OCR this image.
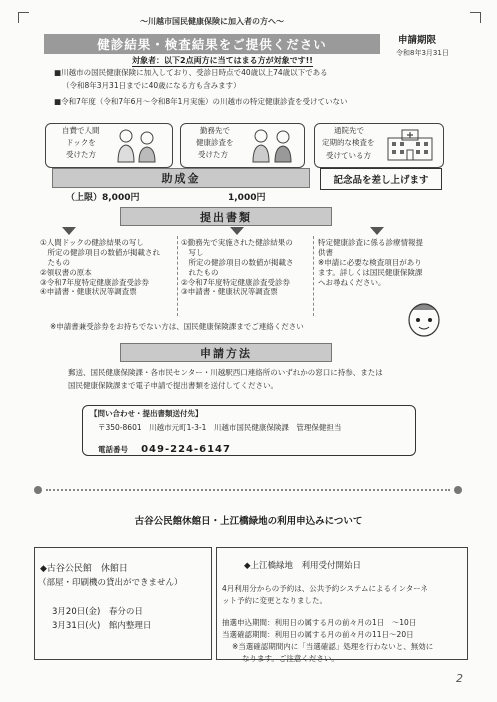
〜川越市国民健康保険に加入者の方へ〜
健診結果・検査結果をご提供ください	申請期限
令和8年3月31日
対象者：以下2点両方に当てはまる方が対象です!!
■川越市の国民健康保険に加入しており、受診日時点で40歳以上74歳以下である
（令和8年3月31日までに40歳になる方も含みます）
■令和7年度（令和7年6月〜令和8年1月実施）の川越市の特定健康診査を受けていない
自費で人間
ドックを
受けた方
勤務先で
健康診査を
受けた方
通院先で
定期的な検査を
受けている方
助成金	記念品を差し上げます
（上限）8,000円	1,000円
提出書類
①人間ドックの健診結果の写し
　所定の健診項目の数値が掲載され
　たもの
②領収書の原本
③令和7年度特定健康診査受診券
④申請書・健康状況等調査票
①勤務先で実施された健診結果の
　写し
　所定の健診項目の数値が掲載さ
　れたもの
②令和7年度特定健康診査受診券
③申請書・健康状況等調査票
特定健康診査に係る診療情報提
供書
※申請に必要な検査項目があり
ます。詳しくは国民健康保険課
へお尋ねください。
※申請書兼受診券をお持ちでない方は、国民健康保険課までご連絡ください
申請方法
郵送、国民健康保険課・各市民センター・川越駅西口連絡所のいずれかの窓口に持参、または
国民健康保険課まで電子申請で提出書類を送付してください。
【問い合わせ・提出書類送付先】
〒350-8601　川越市元町1-3-1　川越市国民健康保険課　管理保健担当
電話番号 049-224-6147
古谷公民館休館日・上江橋緑地の利用申込みについて
◆古谷公民館　休館日
（部屋・印刷機の貸出ができません）
3月20日(金)　春分の日
3月31日(火)　館内整理日
◆上江橋緑地　利用受付開始日
4月利用分からの予約は、公共予約システムによるインターネ
ット予約に変更となりました。
抽選申込期間：利用日の属する月の前々月の1日　〜10日
当選確認期間：利用日の属する月の前々月の11日〜20日
※当選確認期間内に「当選確認」処理を行わないと、無効に
なります。ご注意ください。
2
